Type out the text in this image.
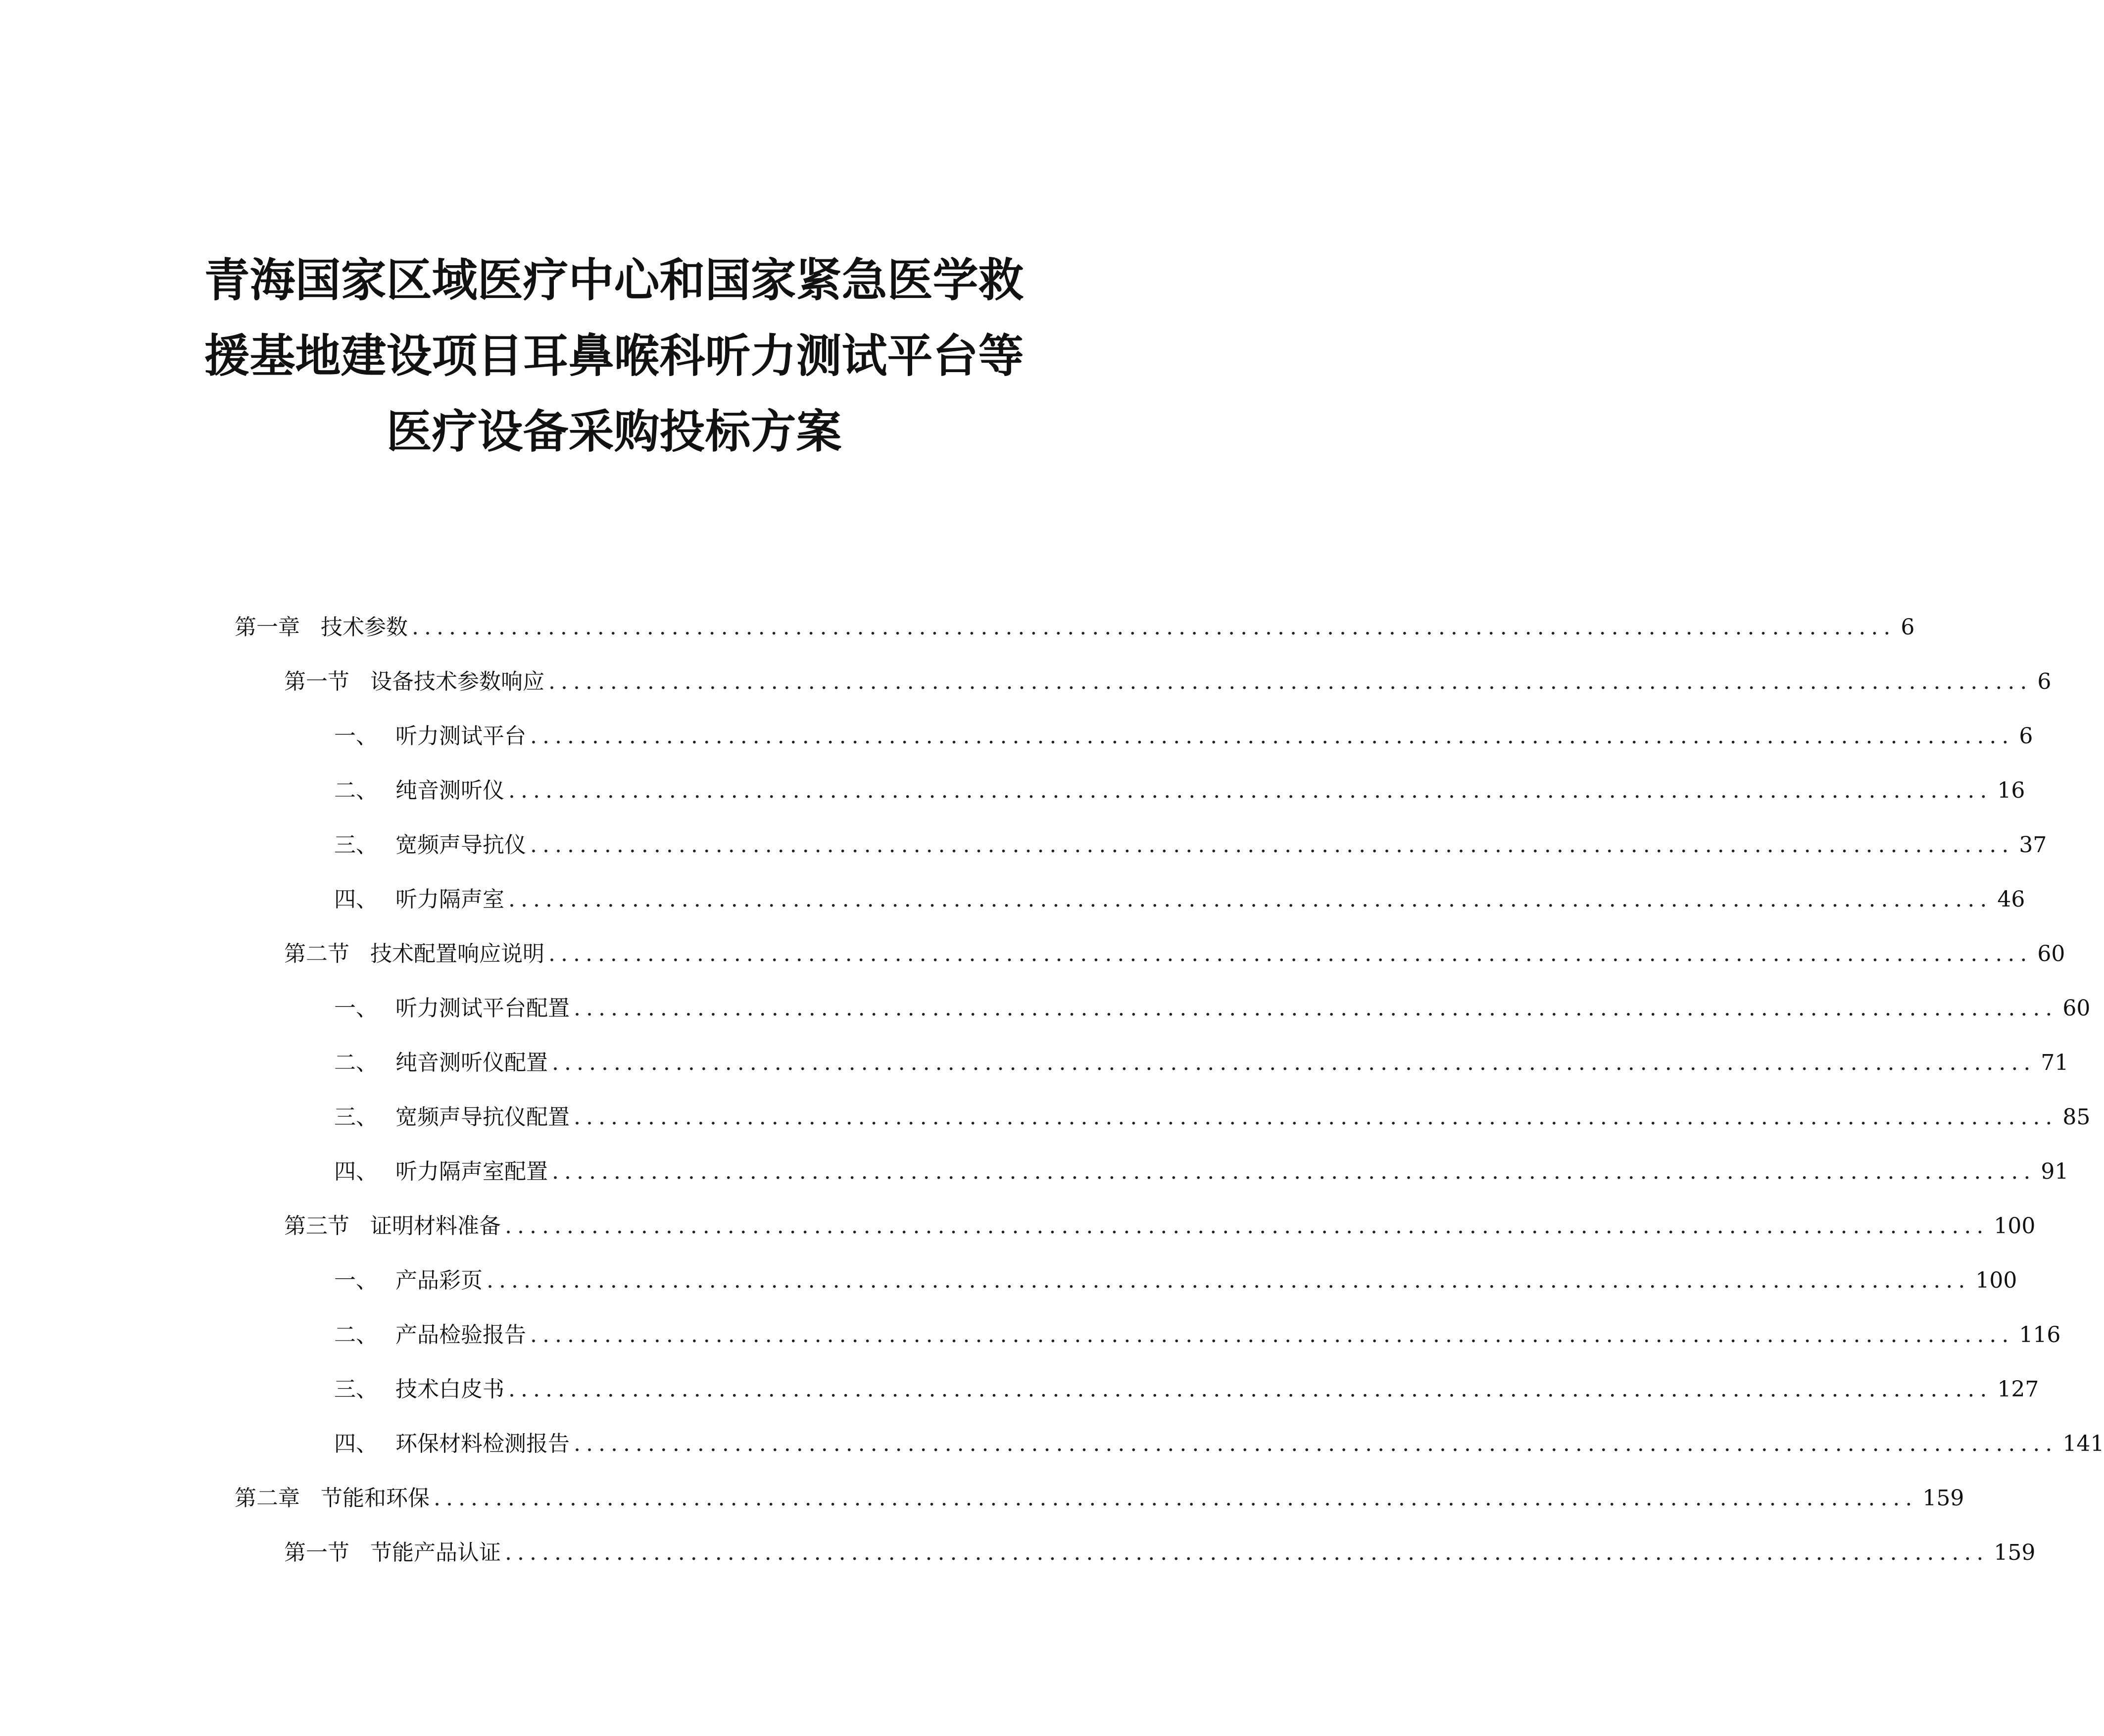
青海国家区域医疗中心和国家紧急医学救
援基地建设项目耳鼻喉科听力测试平台等
医疗设备采购投标方案
第一章 技术参数 ........................................................................................................................ 6
第一节 设备技术参数响应 ........................................................................................................................ 6
一、 听力测试平台 ........................................................................................................................ 6
二、 纯音测听仪 ........................................................................................................................ 16
三、 宽频声导抗仪 ........................................................................................................................ 37
四、 听力隔声室 ........................................................................................................................ 46
第二节 技术配置响应说明 ........................................................................................................................ 60
一、 听力测试平台配置 ........................................................................................................................ 60
二、 纯音测听仪配置 ........................................................................................................................ 71
三、 宽频声导抗仪配置 ........................................................................................................................ 85
四、 听力隔声室配置 ........................................................................................................................ 91
第三节 证明材料准备 ........................................................................................................................ 100
一、 产品彩页 ........................................................................................................................ 100
二、 产品检验报告 ........................................................................................................................ 116
三、 技术白皮书 ........................................................................................................................ 127
四、 环保材料检测报告 ........................................................................................................................ 141
第二章 节能和环保 ........................................................................................................................ 159
第一节 节能产品认证 ........................................................................................................................ 159
